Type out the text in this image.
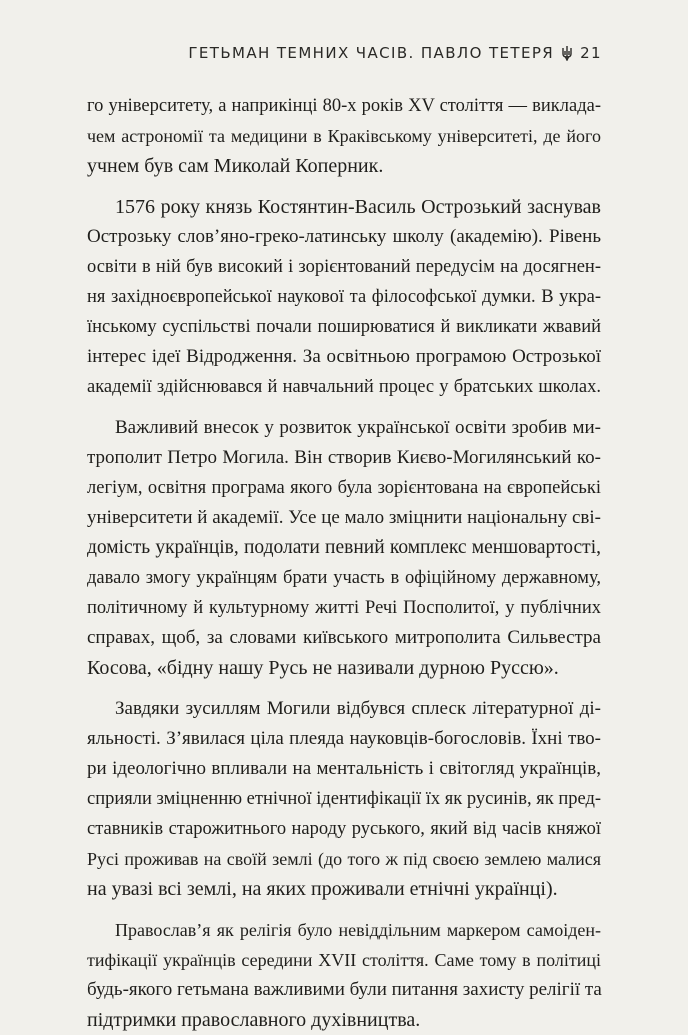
ГЕТЬМАН ТЕМНИХ ЧАСІВ. ПАВЛО ТЕТЕРЯ 21
го університету, а наприкінці 80-х років XV століття — виклада-
чем астрономії та медицини в Краківському університеті, де його
учнем був сам Миколай Коперник.
1576 року князь Костянтин-Василь Острозький заснував
Острозьку слов’яно-греко-латинську школу (академію). Рівень
освіти в ній був високий і зорієнтований передусім на досягнен-
ня західноєвропейської наукової та філософської думки. В укра-
їнському суспільстві почали поширюватися й викликати жвавий
інтерес ідеї Відродження. За освітньою програмою Острозької
академії здійснювався й навчальний процес у братських школах.
Важливий внесок у розвиток української освіти зробив ми-
трополит Петро Могила. Він створив Києво-Могилянський ко-
легіум, освітня програма якого була зорієнтована на європейські
університети й академії. Усе це мало зміцнити національну сві-
домість українців, подолати певний комплекс меншовартості,
давало змогу українцям брати участь в офіційному державному,
політичному й культурному житті Речі Посполитої, у публічних
справах, щоб, за словами київського митрополита Сильвестра
Косова, «бідну нашу Русь не називали дурною Руссю».
Завдяки зусиллям Могили відбувся сплеск літературної ді-
яльності. З’явилася ціла плеяда науковців-богословів. Їхні тво-
ри ідеологічно впливали на ментальність і світогляд українців,
сприяли зміцненню етнічної ідентифікації їх як русинів, як пред-
ставників старожитнього народу руського, який від часів княжої
Русі проживав на своїй землі (до того ж під своєю землею малися
на увазі всі землі, на яких проживали етнічні українці).
Православ’я як релігія було невіддільним маркером самоіден-
тифікації українців середини XVII століття. Саме тому в політиці
будь-якого гетьмана важливими були питання захисту релігії та
підтримки православного духівництва.
